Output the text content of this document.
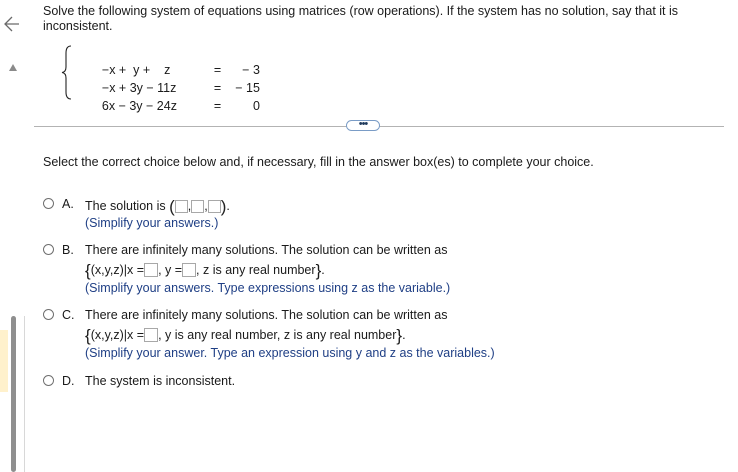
Solve the following system of equations using matrices (row operations). If the system has no solution, say that it is inconsistent.

−x +  y +    z	= − 3

−x + 3y − 11z	= − 15

6x − 3y − 24z	=	0

•••
Select the correct choice below and, if necessary, fill in the answer box(es) to complete your choice.
A. The solution is ( , , ).
(Simplify your answers.)
B. There are infinitely many solutions. The solution can be written as
{(x,y,z)|x = , y = , z is any real number}.
(Simplify your answers. Type expressions using z as the variable.)
C. There are infinitely many solutions. The solution can be written as
{(x,y,z)|x = , y is any real number, z is any real number}.
(Simplify your answer. Type an expression using y and z as the variables.)
D. The system is inconsistent.
